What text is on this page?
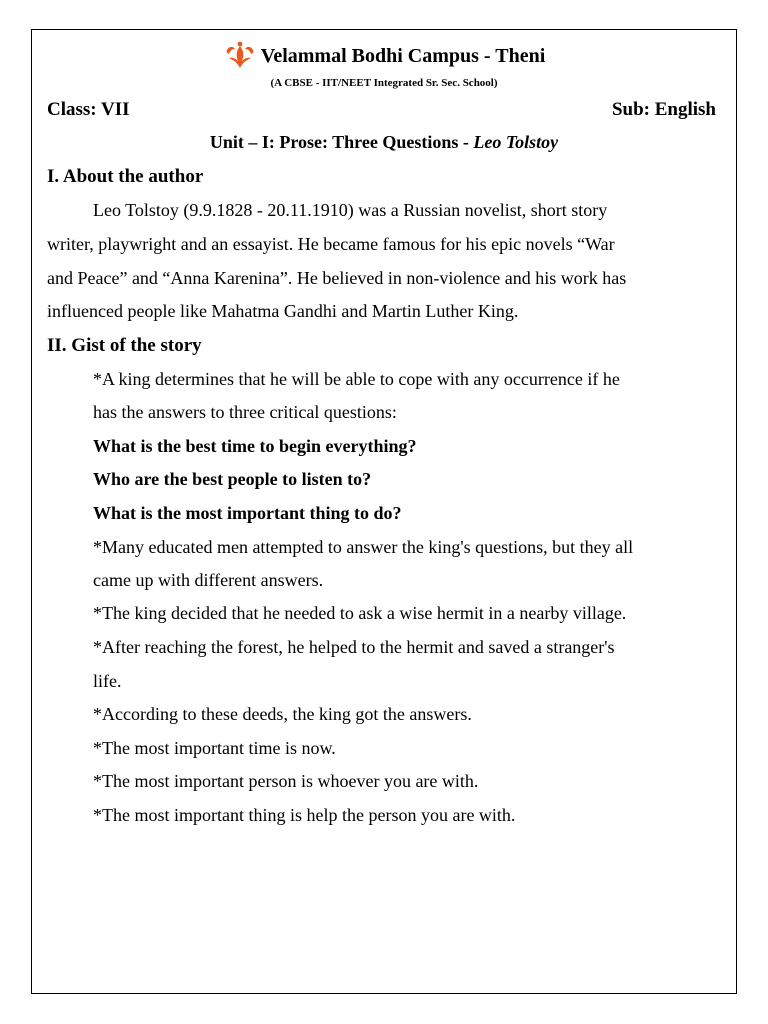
Velammal Bodhi Campus - Theni
(A CBSE - IIT/NEET Integrated Sr. Sec. School)
Class: VII	Sub: English
Unit – I: Prose: Three Questions - Leo Tolstoy
I. About the author
Leo Tolstoy (9.9.1828 - 20.11.1910) was a Russian novelist, short story
writer, playwright and an essayist. He became famous for his epic novels “War
and Peace” and “Anna Karenina”. He believed in non-violence and his work has
influenced people like Mahatma Gandhi and Martin Luther King.
II. Gist of the story
*A king determines that he will be able to cope with any occurrence if he
has the answers to three critical questions:
What is the best time to begin everything?
Who are the best people to listen to?
What is the most important thing to do?
*Many educated men attempted to answer the king's questions, but they all
came up with different answers.
*The king decided that he needed to ask a wise hermit in a nearby village.
*After reaching the forest, he helped to the hermit and saved a stranger's
life.
*According to these deeds, the king got the answers.
*The most important time is now.
*The most important person is whoever you are with.
*The most important thing is help the person you are with.
